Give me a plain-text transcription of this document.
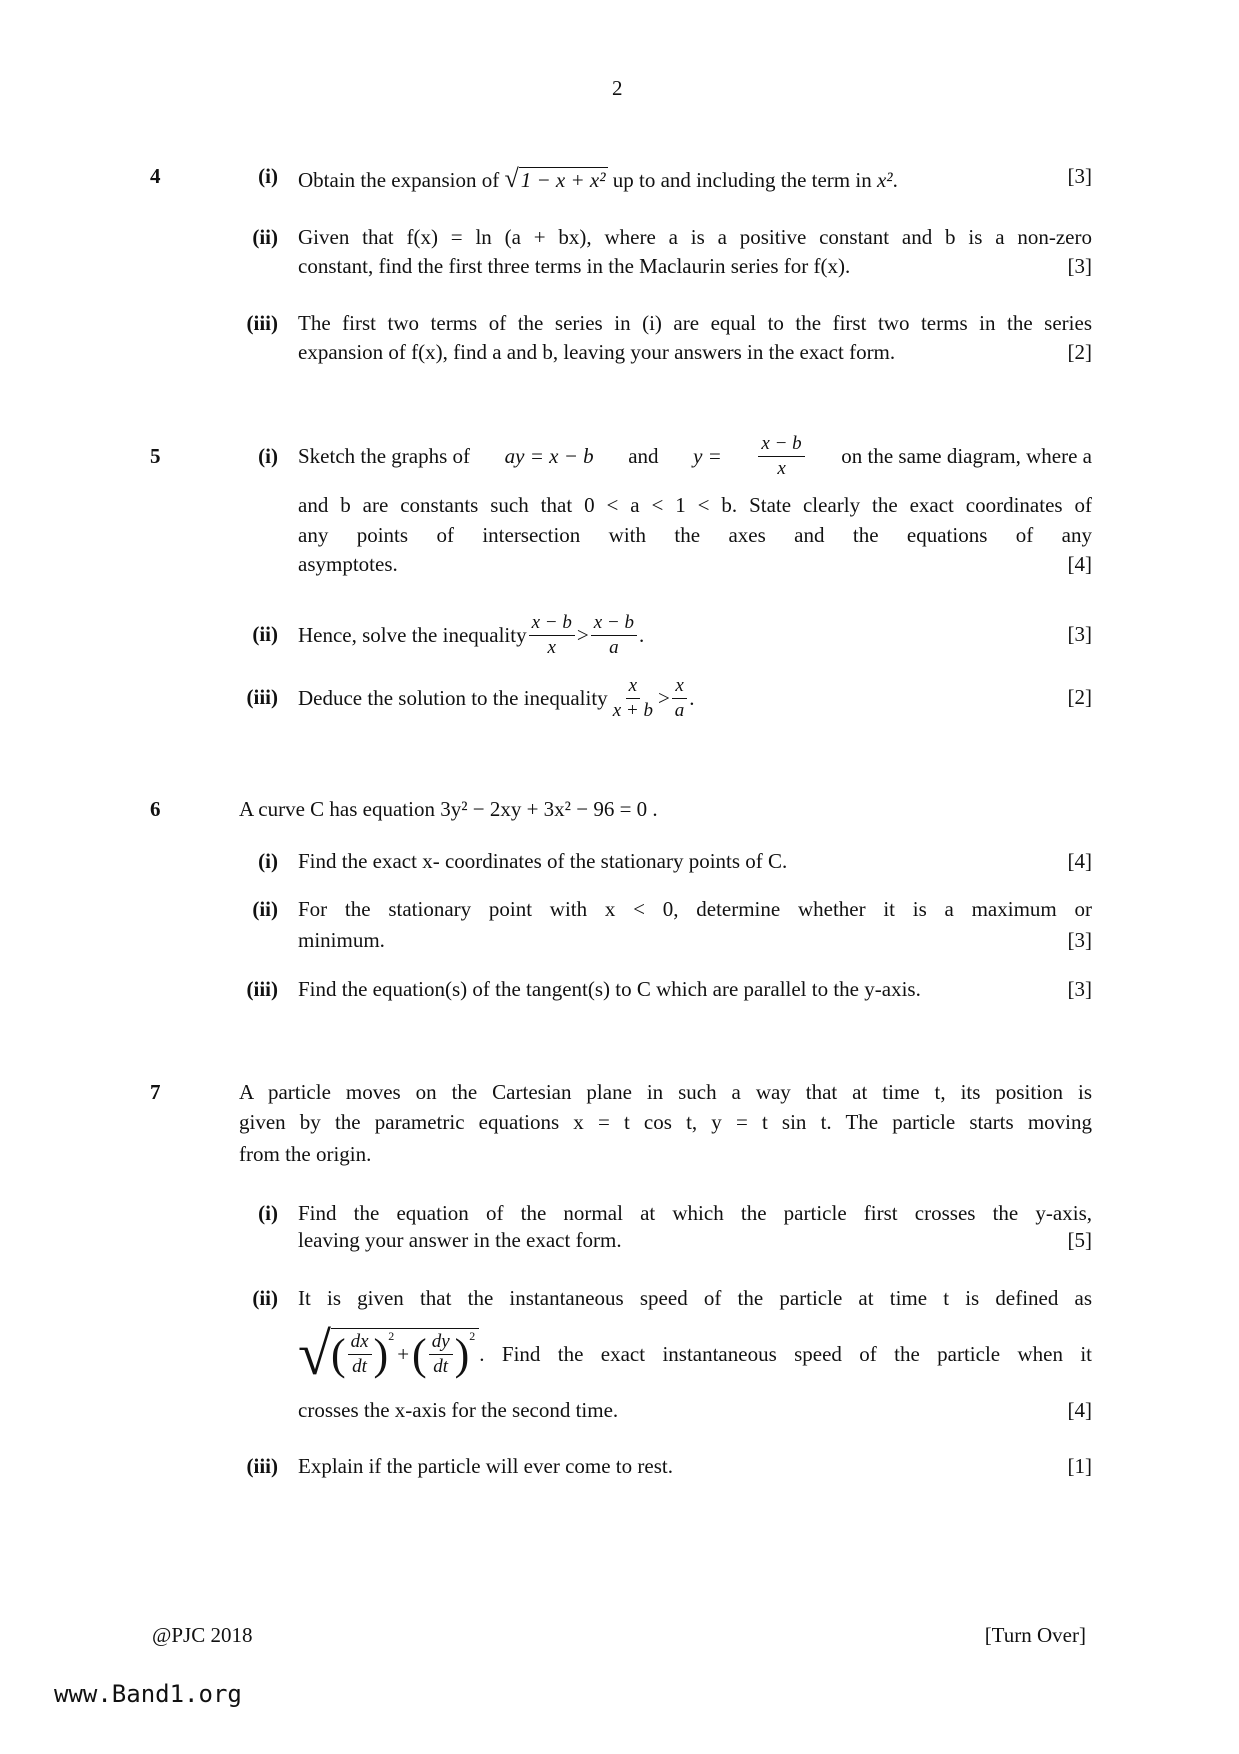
2
4	(i) Obtain the expansion of √1 − x + x² up to and including the term in x².	[3]
(ii) Given that f(x) = ln (a + bx), where a is a positive constant and b is a non-zero
constant, find the first three terms in the Maclaurin series for f(x).	[3]
(iii) The first two terms of the series in (i) are equal to the first two terms in the series
expansion of f(x), find a and b, leaving your answers in the exact form.	[2]
5	(i) Sketch the graphs of ay = x − b and $y = \frac{x - b}{x}$ on the same diagram, where a
and b are constants such that 0 < a < 1 < b. State clearly the exact coordinates of
any points of intersection with the axes and the equations of any
asymptotes.	[4]
(ii) Hence, solve the inequality $\frac{x - b}{x} > \frac{x - b}{a}$ .	[3]
(iii) Deduce the solution to the inequality $\frac{x}{x + b} > \frac{x}{a}$ .	[2]
6	A curve C has equation 3y² − 2xy + 3x² − 96 = 0 .
(i) Find the exact x- coordinates of the stationary points of C.	[4]
(ii) For the stationary point with x < 0, determine whether it is a maximum or
minimum.	[3]
(iii) Find the equation(s) of the tangent(s) to C which are parallel to the y-axis.	[3]
7	A particle moves on the Cartesian plane in such a way that at time t, its position is
given by the parametric equations x = t cos t, y = t sin t. The particle starts moving
from the origin.
(i) Find the equation of the normal at which the particle first crosses the y-axis,
leaving your answer in the exact form.	[5]
(ii) It is given that the instantaneous speed of the particle at time t is defined as
√ ( $\frac{dx}{dt} )^2$
+ ( $\frac{dy}{dt} )^2$
. Find the exact instantaneous speed of the particle when it
crosses the x-axis for the second time.	[4]
(iii) Explain if the particle will ever come to rest.	[1]
@PJC 2018	[Turn Over]
www.Band1.org
